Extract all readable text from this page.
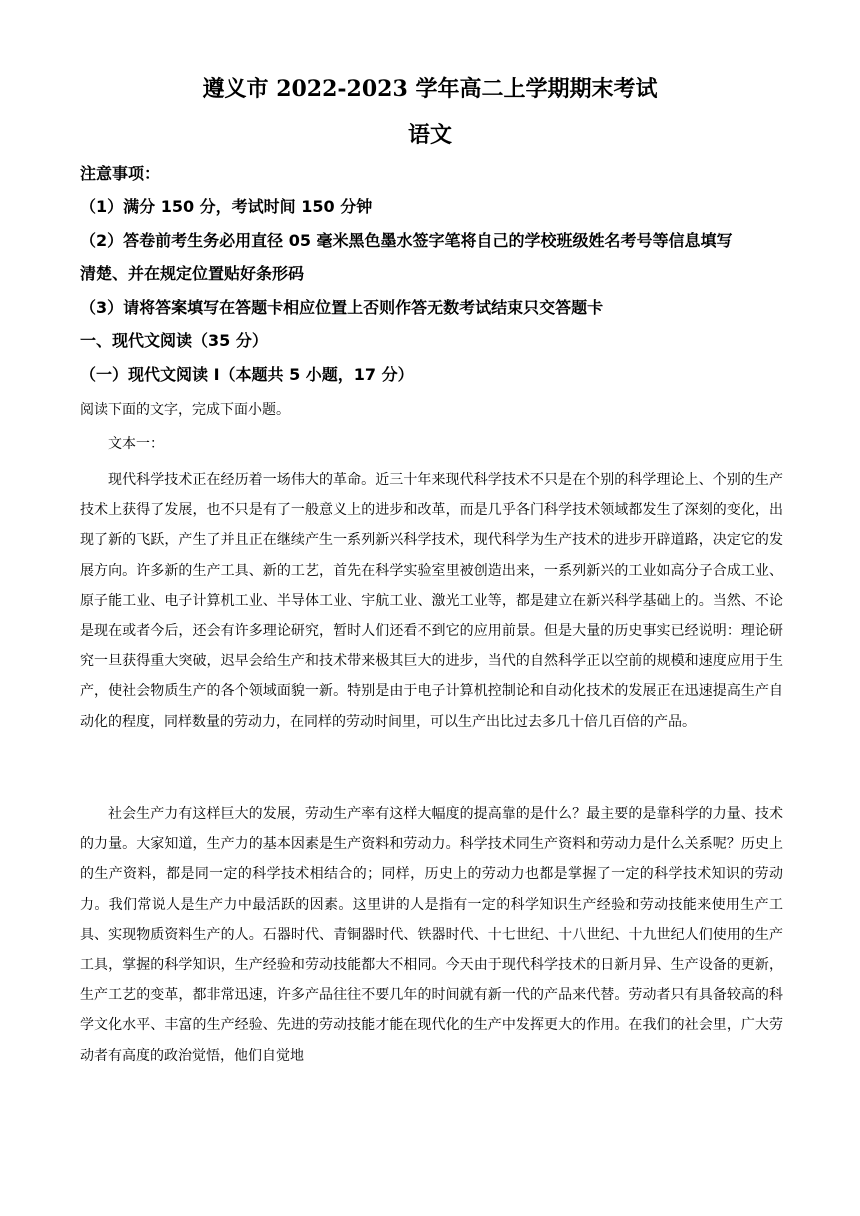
遵义市 2022-2023 学年高二上学期期末考试
语文
注意事项：
（1）满分 150 分，考试时间 150 分钟
（2）答卷前考生务必用直径 05 毫米黑色墨水签字笔将自己的学校班级姓名考号等信息填写
清楚、并在规定位置贴好条形码
（3）请将答案填写在答题卡相应位置上否则作答无数考试结束只交答题卡
一、现代文阅读（35 分）
（一）现代文阅读 I（本题共 5 小题，17 分）
阅读下面的文字，完成下面小题。
文本一：

现代科学技术正在经历着一场伟大的革命。近三十年来现代科学技术不只是在个别的科学理论上、个别的生产技术上获得了发展，也不只是有了一般意义上的进步和改革，而是几乎各门科学技术领域都发生了深刻的变化，出现了新的飞跃，产生了并且正在继续产生一系列新兴科学技术，现代科学为生产技术的进步开辟道路，决定它的发展方向。许多新的生产工具、新的工艺，首先在科学实验室里被创造出来，一系列新兴的工业如高分子合成工业、原子能工业、电子计算机工业、半导体工业、宇航工业、激光工业等，都是建立在新兴科学基础上的。当然、不论是现在或者今后，还会有许多理论研究，暂时人们还看不到它的应用前景。但是大量的历史事实已经说明：理论研究一旦获得重大突破，迟早会给生产和技术带来极其巨大的进步，当代的自然科学正以空前的规模和速度应用于生产，使社会物质生产的各个领域面貌一新。特别是由于电子计算机控制论和自动化技术的发展正在迅速提高生产自动化的程度，同样数量的劳动力，在同样的劳动时间里，可以生产出比过去多几十倍几百倍的产品。

社会生产力有这样巨大的发展，劳动生产率有这样大幅度的提高靠的是什么？最主要的是靠科学的力量、技术的力量。大家知道，生产力的基本因素是生产资料和劳动力。科学技术同生产资料和劳动力是什么关系呢？历史上的生产资料，都是同一定的科学技术相结合的；同样，历史上的劳动力也都是掌握了一定的科学技术知识的劳动力。我们常说人是生产力中最活跃的因素。这里讲的人是指有一定的科学知识生产经验和劳动技能来使用生产工具、实现物质资料生产的人。石器时代、青铜器时代、铁器时代、十七世纪、十八世纪、十九世纪人们使用的生产工具，掌握的科学知识，生产经验和劳动技能都大不相同。今天由于现代科学技术的日新月异、生产设备的更新，生产工艺的变革，都非常迅速，许多产品往往不要几年的时间就有新一代的产品来代替。劳动者只有具备较高的科学文化水平、丰富的生产经验、先进的劳动技能才能在现代化的生产中发挥更大的作用。在我们的社会里，广大劳动者有高度的政治觉悟，他们自觉地
